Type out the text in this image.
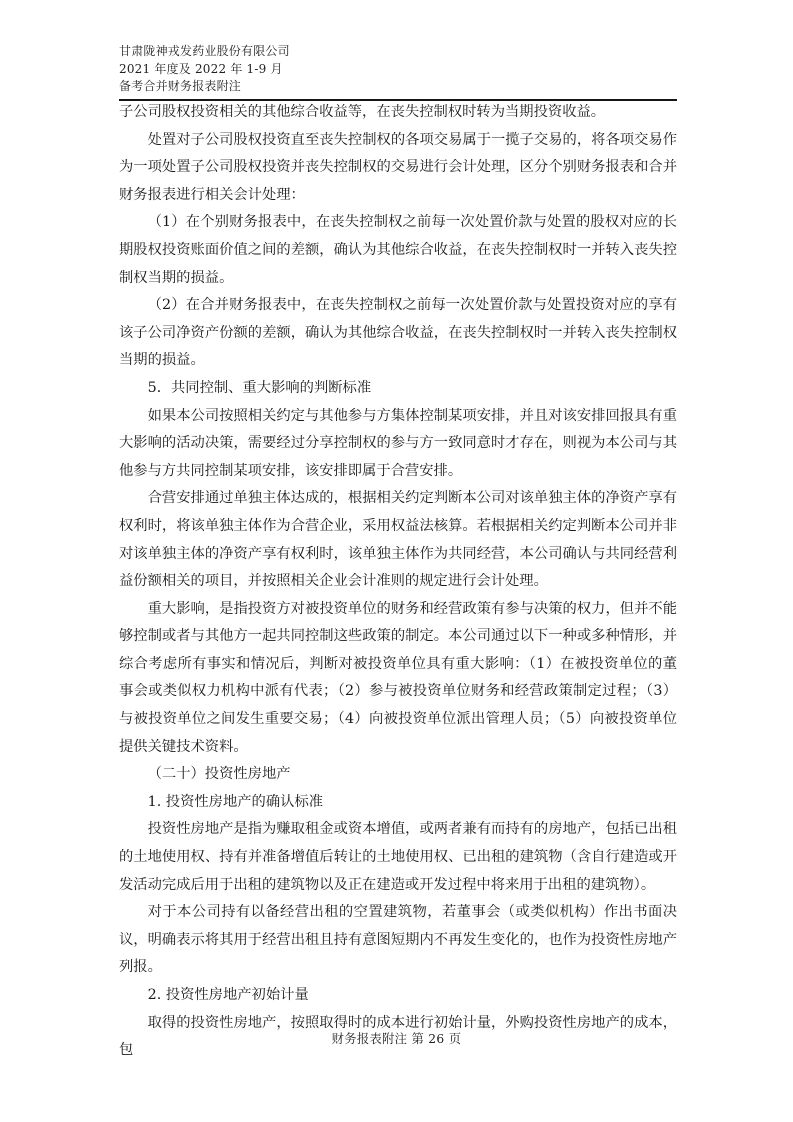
甘肃陇神戎发药业股份有限公司
2021 年度及 2022 年 1-9 月
备考合并财务报表附注

子公司股权投资相关的其他综合收益等，在丧失控制权时转为当期投资收益。

处置对子公司股权投资直至丧失控制权的各项交易属于一揽子交易的，将各项交易作为一项处置子公司股权投资并丧失控制权的交易进行会计处理，区分个别财务报表和合并财务报表进行相关会计处理：

（1）在个别财务报表中，在丧失控制权之前每一次处置价款与处置的股权对应的长期股权投资账面价值之间的差额，确认为其他综合收益，在丧失控制权时一并转入丧失控制权当期的损益。

（2）在合并财务报表中，在丧失控制权之前每一次处置价款与处置投资对应的享有该子公司净资产份额的差额，确认为其他综合收益，在丧失控制权时一并转入丧失控制权当期的损益。

5．共同控制、重大影响的判断标准

如果本公司按照相关约定与其他参与方集体控制某项安排，并且对该安排回报具有重大影响的活动决策，需要经过分享控制权的参与方一致同意时才存在，则视为本公司与其他参与方共同控制某项安排，该安排即属于合营安排。

合营安排通过单独主体达成的，根据相关约定判断本公司对该单独主体的净资产享有权利时，将该单独主体作为合营企业，采用权益法核算。若根据相关约定判断本公司并非对该单独主体的净资产享有权利时，该单独主体作为共同经营，本公司确认与共同经营利益份额相关的项目，并按照相关企业会计准则的规定进行会计处理。

重大影响，是指投资方对被投资单位的财务和经营政策有参与决策的权力，但并不能够控制或者与其他方一起共同控制这些政策的制定。本公司通过以下一种或多种情形，并综合考虑所有事实和情况后，判断对被投资单位具有重大影响：（1）在被投资单位的董事会或类似权力机构中派有代表；（2）参与被投资单位财务和经营政策制定过程；（3）与被投资单位之间发生重要交易；（4）向被投资单位派出管理人员；（5）向被投资单位提供关键技术资料。

（二十）投资性房地产

1. 投资性房地产的确认标准

投资性房地产是指为赚取租金或资本增值，或两者兼有而持有的房地产，包括已出租的土地使用权、持有并准备增值后转让的土地使用权、已出租的建筑物（含自行建造或开发活动完成后用于出租的建筑物以及正在建造或开发过程中将来用于出租的建筑物）。

对于本公司持有以备经营出租的空置建筑物，若董事会（或类似机构）作出书面决议，明确表示将其用于经营出租且持有意图短期内不再发生变化的，也作为投资性房地产列报。

2. 投资性房地产初始计量

取得的投资性房地产，按照取得时的成本进行初始计量，外购投资性房地产的成本，包

财务报表附注 第 26 页
